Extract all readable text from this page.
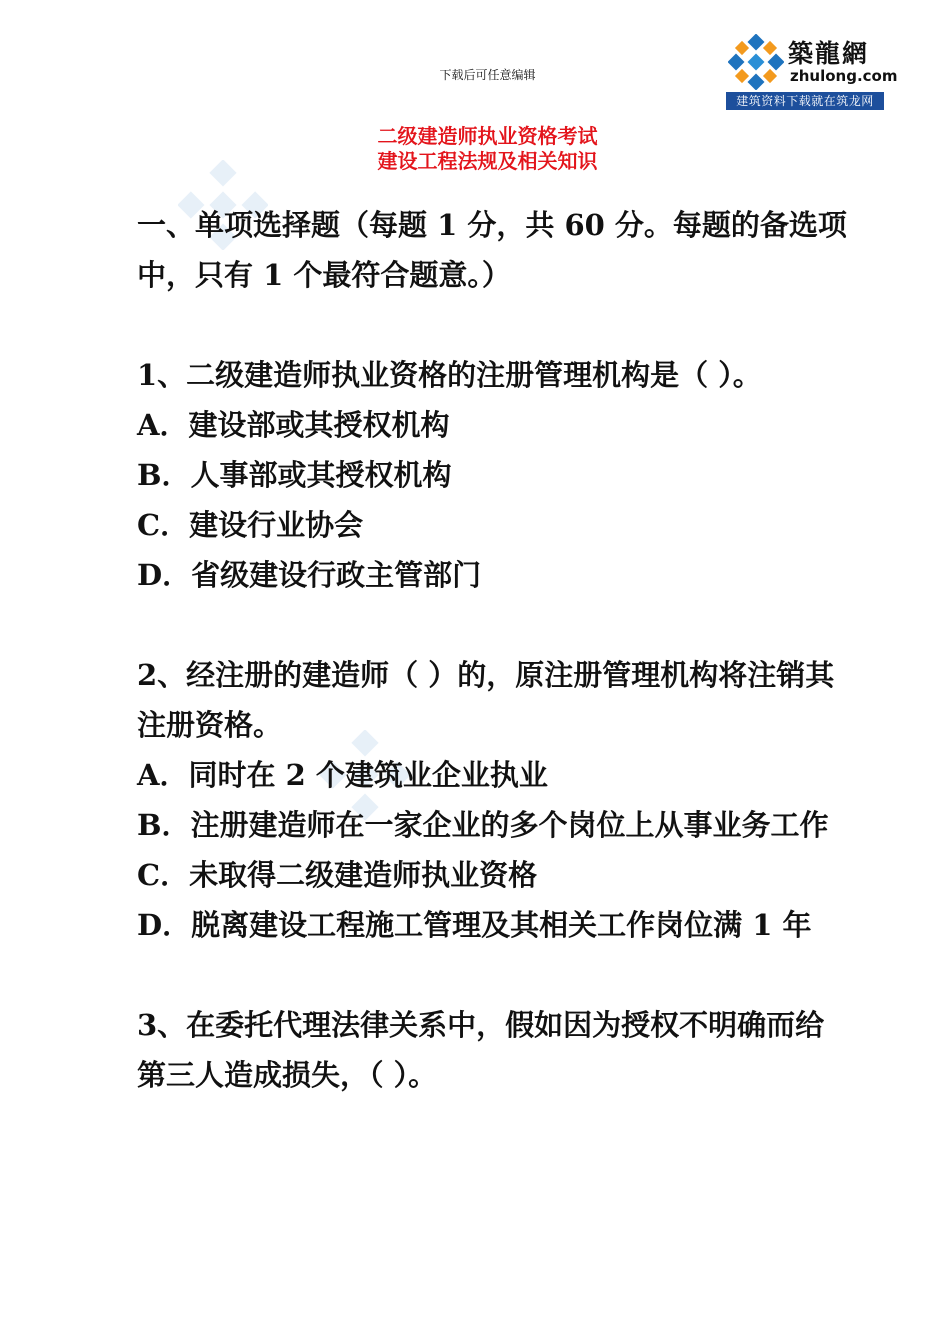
下载后可任意编辑
築龍網
zhulong.com
建筑资料下载就在筑龙网
二级建造师执业资格考试
建设工程法规及相关知识

一、单项选择题（每题 1 分，共 60 分。每题的备选项中，只有 1 个最符合题意。）

1、二级建造师执业资格的注册管理机构是（ ）。

A．建设部或其授权机构

B．人事部或其授权机构

C．建设行业协会

D．省级建设行政主管部门

2、经注册的建造师（ ）的，原注册管理机构将注销其注册资格。

A．同时在 2 个建筑业企业执业

B．注册建造师在一家企业的多个岗位上从事业务工作

C．未取得二级建造师执业资格

D．脱离建设工程施工管理及其相关工作岗位满 1 年

3、在委托代理法律关系中，假如因为授权不明确而给第三人造成损失，（ ）。
